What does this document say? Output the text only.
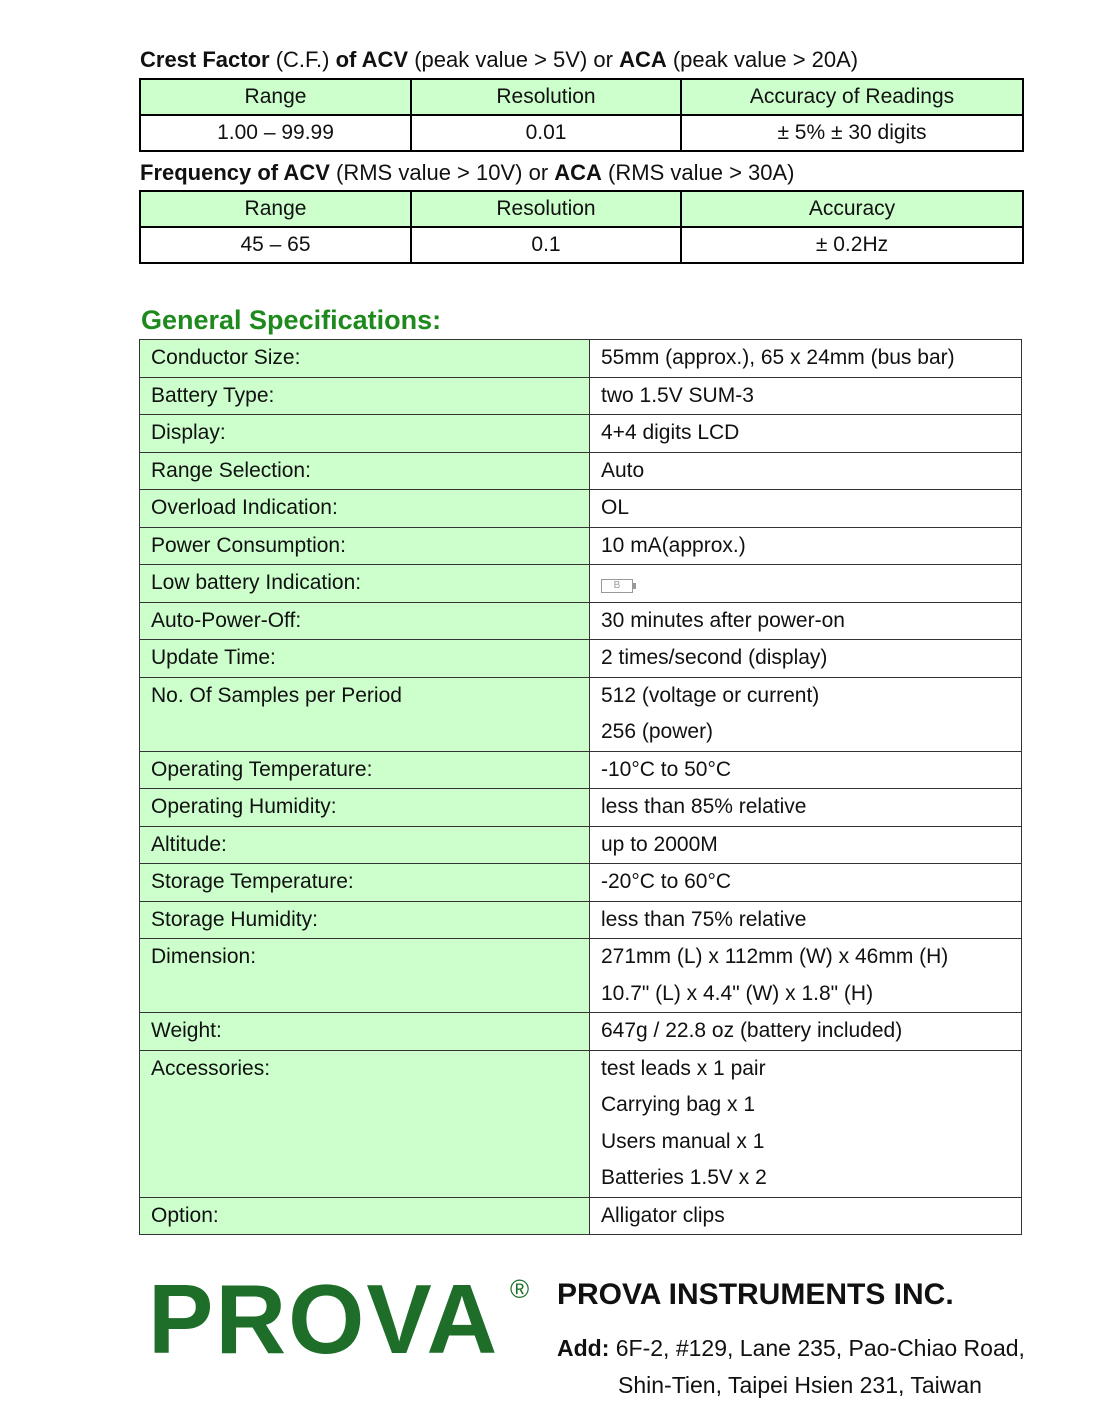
Crest Factor (C.F.) of ACV (peak value > 5V) or ACA (peak value > 20A)
Range	Resolution	Accuracy of Readings
1.00 – 99.99	0.01	± 5% ± 30 digits
Frequency of ACV (RMS value > 10V) or ACA (RMS value > 30A)
Range	Resolution	Accuracy
45 – 65	0.1	± 0.2Hz
General Specifications:
Conductor Size:	55mm (approx.), 65 x 24mm (bus bar)

Battery Type:	two 1.5V SUM-3

Display:	4+4 digits LCD

Range Selection:	Auto

Overload Indication:	OL

Power Consumption:	10 mA(approx.)

Low battery Indication:	B

Auto-Power-Off:	30 minutes after power-on

Update Time:	2 times/second (display)

No. Of Samples per Period	512 (voltage or current)
256 (power)

Operating Temperature:	-10°C to 50°C

Operating Humidity:	less than 85% relative

Altitude:	up to 2000M

Storage Temperature:	-20°C to 60°C

Storage Humidity:	less than 75% relative

Dimension:	271mm (L) x 112mm (W) x 46mm (H)
10.7" (L) x 4.4" (W) x 1.8" (H)

Weight:	647g / 22.8 oz (battery included)

Accessories:	test leads x 1 pair
Carrying bag x 1
Users manual x 1
Batteries 1.5V x 2

Option:	Alligator clips
PROVA ® PROVA INSTRUMENTS INC.
Add: 6F-2, #129, Lane 235, Pao-Chiao Road,
Shin-Tien, Taipei Hsien 231, Taiwan
